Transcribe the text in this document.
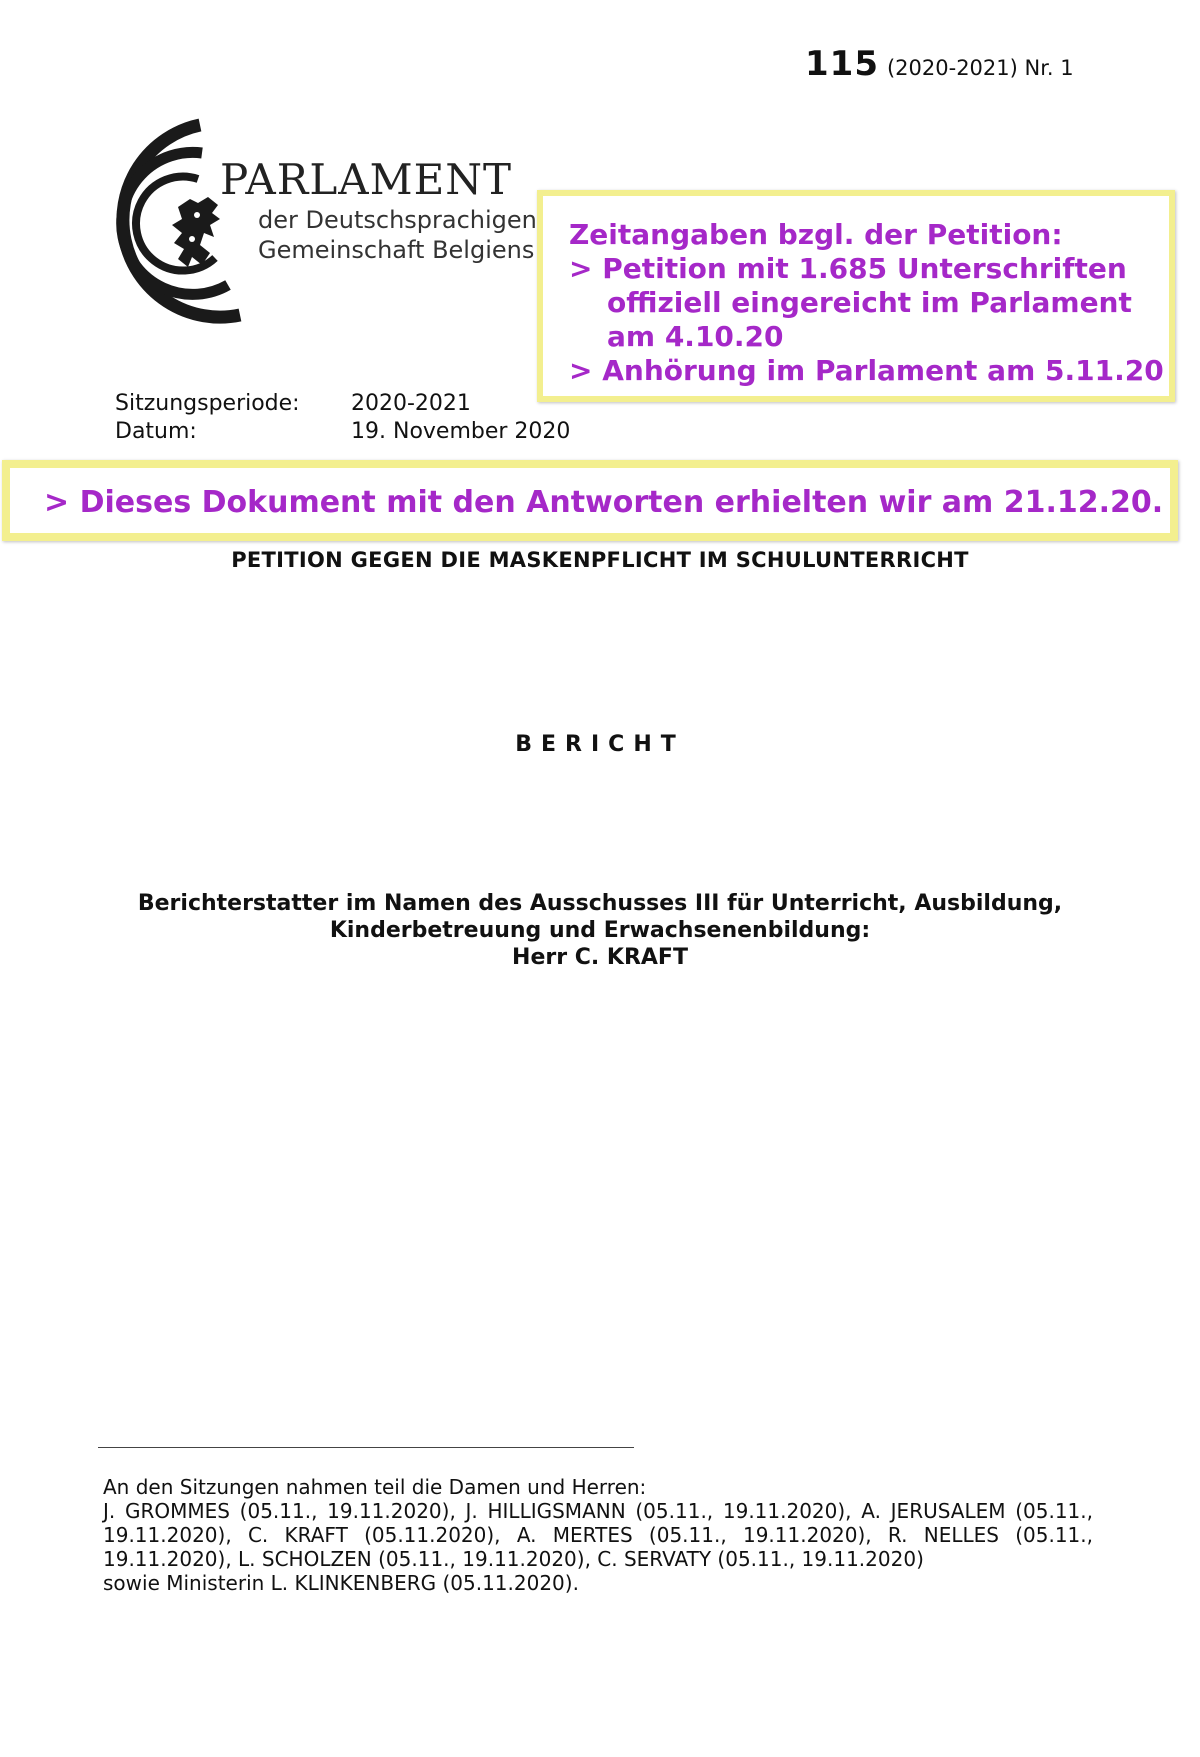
115 (2020-2021) Nr. 1
PARLAMENT
der Deutschsprachigen
Gemeinschaft Belgiens Zeitangaben bzgl. der Petition:
> Petition mit 1.685 Unterschriften
offiziell eingereicht im Parlament
am 4.10.20
> Anhörung im Parlament am 5.11.20
Sitzungsperiode:	2020-2021
Datum:	19. November 2020
> Dieses Dokument mit den Antworten erhielten wir am 21.12.20.
PETITION GEGEN DIE MASKENPFLICHT IM SCHULUNTERRICHT
BERICHT
Berichterstatter im Namen des Ausschusses III für Unterricht, Ausbildung,
Kinderbetreuung und Erwachsenenbildung:
Herr C. KRAFT

An den Sitzungen nahmen teil die Damen und Herren:

J. GROMMES (05.11., 19.11.2020), J. HILLIGSMANN (05.11., 19.11.2020), A. JERUSALEM (05.11., 19.11.2020), C. KRAFT (05.11.2020), A. MERTES (05.11., 19.11.2020), R. NELLES (05.11., 19.11.2020), L. SCHOLZEN (05.11., 19.11.2020), C. SERVATY (05.11., 19.11.2020)

sowie Ministerin L. KLINKENBERG (05.11.2020).
